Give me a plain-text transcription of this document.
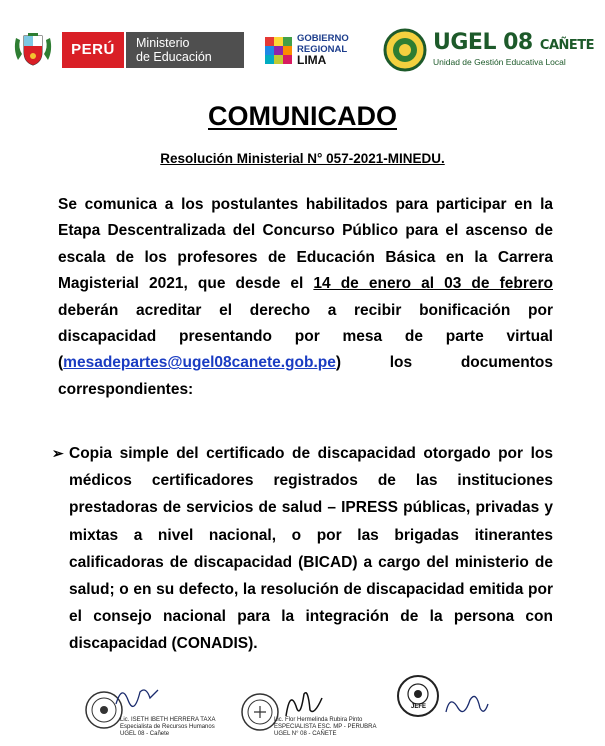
PERÚ	Ministerio
de Educación
GOBIERNO
REGIONAL
LIMA
UGEL 08 CAÑETE
Unidad de Gestión Educativa Local
COMUNICADO
Resolución Ministerial N° 057-2021-MINEDU.
Se comunica a los postulantes habilitados para participar en la Etapa Descentralizada del Concurso Público para el ascenso de escala de los profesores de Educación Básica en la Carrera Magisterial 2021, que desde el 14 de enero al 03 de febrero deberán acreditar el derecho a recibir bonificación por discapacidad presentando por mesa de parte virtual (mesadepartes@ugel08canete.gob.pe) los documentos correspondientes:
➢ Copia simple del certificado de discapacidad otorgado por los médicos certificadores registrados de las instituciones prestadoras de servicios de salud – IPRESS públicas, privadas y mixtas a nivel nacional, o por las brigadas itinerantes calificadoras de discapacidad (BICAD) a cargo del ministerio de salud; o en su defecto, la resolución de discapacidad emitida por el consejo nacional para la integración de la persona con discapacidad (CONADIS).
Lic. ISETH IBETH HERRERA TAXA
Especialista de Recursos Humanos
UGEL 08 - Cañete
Lic. Flor Hermelinda Rubira Pinto
ESPECIALISTA ESC. MP - PERUBRA
UGEL N° 08 - CAÑETE
JEFE
